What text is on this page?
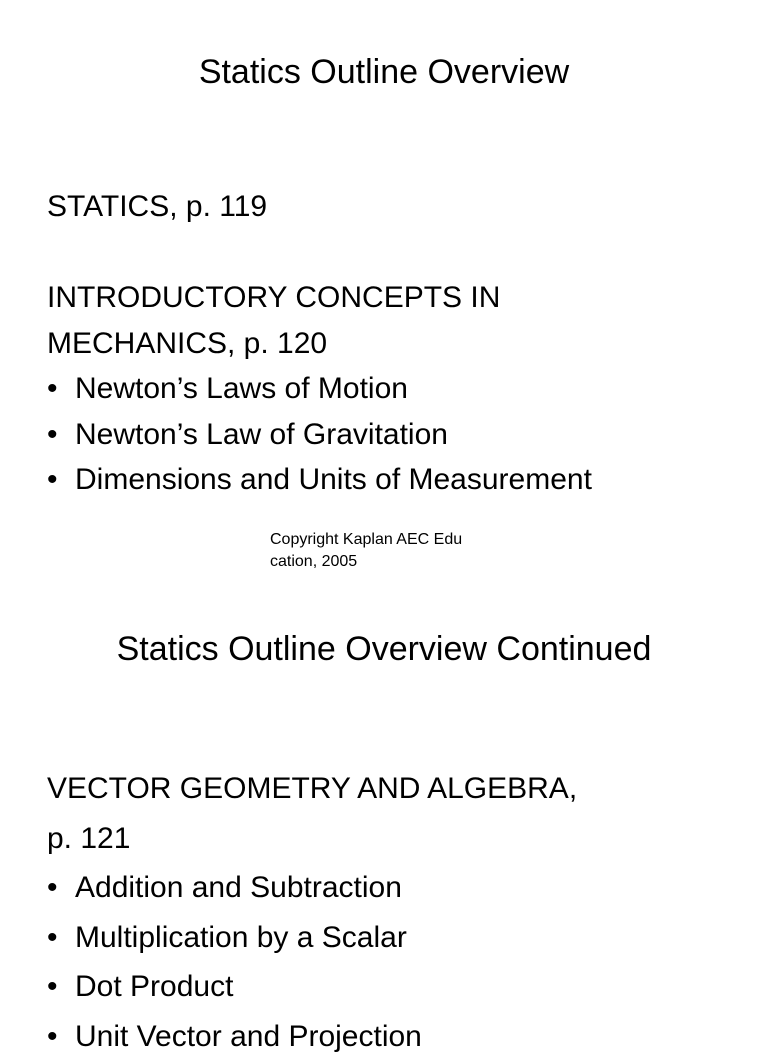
Statics Outline Overview
STATICS, p. 119
INTRODUCTORY CONCEPTS IN
MECHANICS, p. 120
• Newton’s Laws of Motion
• Newton’s Law of Gravitation
• Dimensions and Units of Measurement
Copyright Kaplan AEC Edu
cation, 2005
Statics Outline Overview Continued
VECTOR GEOMETRY AND ALGEBRA,
p. 121
• Addition and Subtraction
• Multiplication by a Scalar
• Dot Product
• Unit Vector and Projection
